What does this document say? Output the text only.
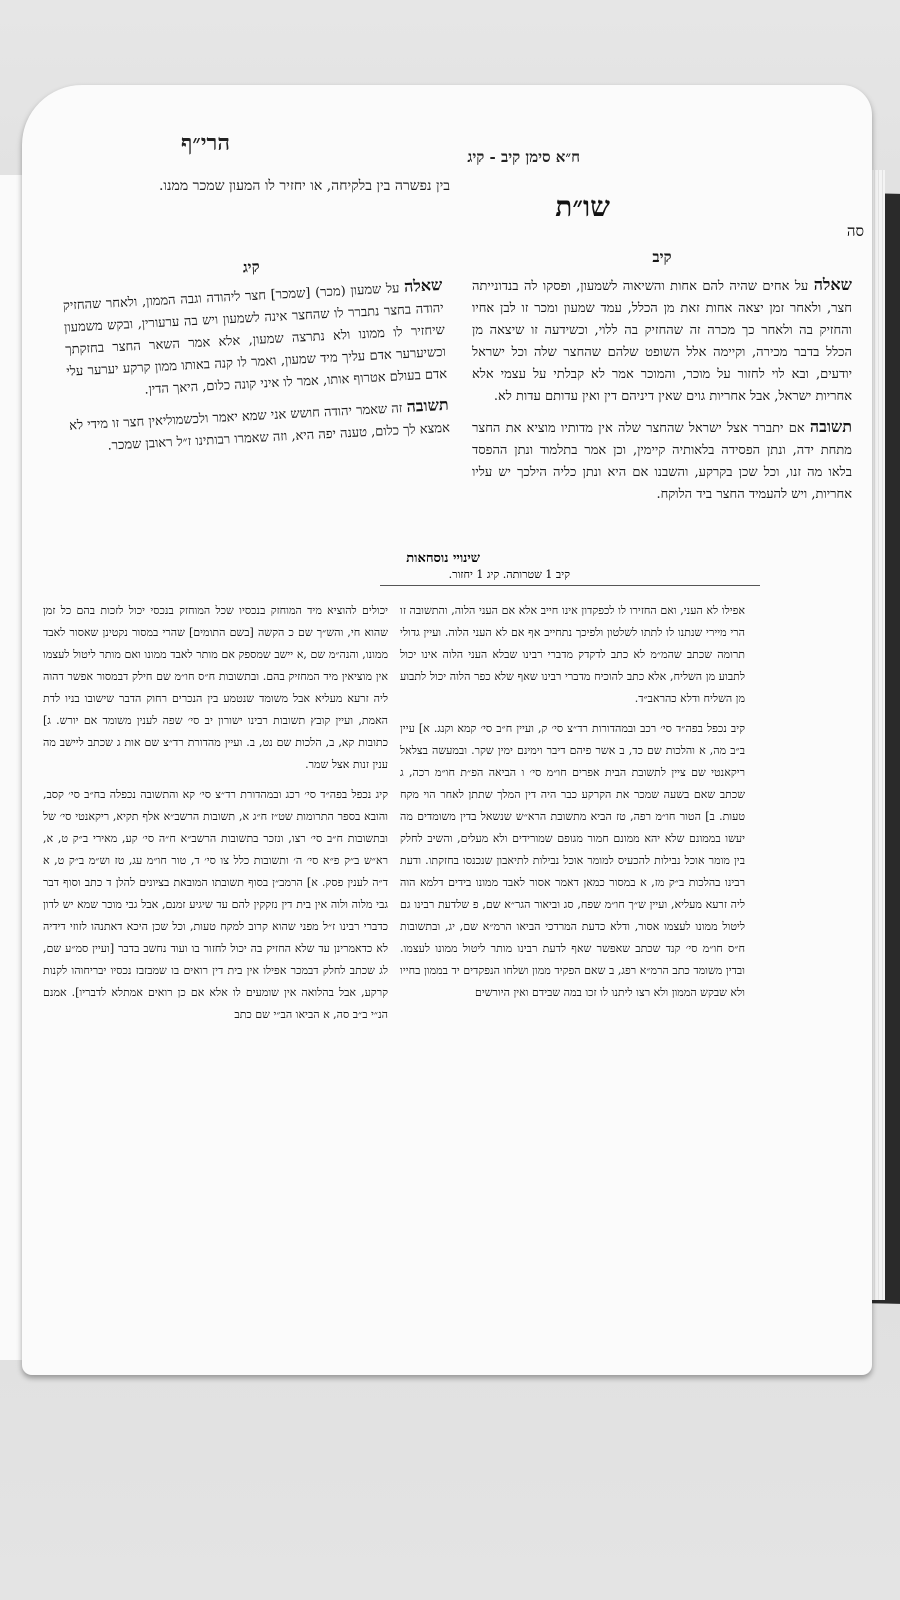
הרי״ף
ח״א סימן קיב - קיג
שו״ת
סה
בין נפשרה בין בלקיחה, או יחזיר לו המעון שמכר ממנו.
קיב

שאלה על אחים שהיה להם אחות והשיאוה לשמעון, ופסקו לה בנדונייתה חצר, ולאחר זמן יצאה אחות זאת מן הכלל, עמד שמעון ומכר זו לבן אחיו והחזיק בה ולאחר כך מכרה זה שהחזיק בה ללוי, וכשידעה זו שיצאה מן הכלל בדבר מכירה, וקיימה אלל השופט שלהם שהחצר שלה וכל ישראל יודעים, ובא לוי לחזור על מוכר, והמוכר אמר לא קבלתי על עצמי אלא אחריות ישראל, אבל אחריות גוים שאין דיניהם דין ואין עדותם עדות לא.

תשובה אם יתברר אצל ישראל שהחצר שלה אין מדותיו מוציא את החצר מתחת ידה, ונתן הפסידה בלאותיה קיימין, וכן אמר בתלמוד ונתן ההפסד בלאו מה זנו, וכל שכן בקרקע, והשבנו אם היא ונתן כליה הילכך יש עליו אחריות, ויש להעמיד החצר ביד הלוקח.

קיג

שאלה על שמעון (מכר) [שמכר] חצר ליהודה וגבה הממון, ולאחר שהחזיק יהודה בחצר נתברר לו שהחצר אינה לשמעון ויש בה ערעורין, ובקש משמעון שיחזיר לו ממונו ולא נתרצה שמעון, אלא אמר השאר החצר בחזקתך וכשיערער אדם עליך מיד שמעון, ואמר לו קנה באותו ממון קרקע יערער עלי אדם בעולם אטרוף אותו, אמר לו איני קונה כלום, היאך הדין.

תשובה זה שאמר יהודה חושש אני שמא יאמר ולכשמוליאין חצר זו מידי לא אמצא לך כלום, טענה יפה היא, וזה שאמרו רבותינו ז״ל ראובן שמכר.

שינויי נוסחאות
קיב 1 שטרותה. קיג 1 יחזור.

אפילו לא העני, ואם החזירו לו לכפקדון אינו חייב אלא אם העני הלוה, והתשובה זו הרי מיירי שנתנו לו לתתו לשלטון ולפיכך נתחייב אף אם לא העני הלוה. ועיין גדולי תרומה שכתב שהמ״מ לא כתב לדקדק מדברי רבינו שבלא העני הלוה אינו יכול לתבוע מן השליח, אלא כתב להוכיח מדברי רבינו שאף שלא כפר הלוה יכול לתבוע מן השליח ודלא כהראב״ד.

קיב נכפל בפה״ד סי׳ רכב ובמהדורות רד״צ סי׳ ק, ועיין ח״ב סי׳ קמא וקנג. א] עיין ב״ב מה, א והלכות שם כד, ב אשר פיהם דיבר וימינם ימין שקר. ובמעשה בצלאל ריקאנטי שם ציין לתשובת הבית אפרים חו״מ סי׳ ו הביאה הפ״ת חו״מ רכה, ג שכתב שאם בשעה שמכר את הקרקע כבר היה דין המלך שתתן לאחר הוי מקח טעות. ב] הטור חו״מ רפה, טז הביא מתשובת הרא״ש שנשאל בדין משומדים מה יעשו בממונם שלא יהא ממונם חמור מגופם שמורידים ולא מעלים, והשיב לחלק בין מומר אוכל נבילות להכעיס למומר אוכל נבילות לתיאבון שנכנסו בחזקתו. ודעת רבינו בהלכות ב״ק מז, א במסור כמאן דאמר אסור לאבד ממונו בידים דלמא הוה ליה זרעא מעליא, ועיין ש״ך חו״מ שפח, סג וביאור הגר״א שם, פ שלדעת רבינו גם ליטול ממונו לעצמו אסור, ודלא כדעת המרדכי הביאו הרמ״א שם, יג, ובתשובות ח״ס חו״מ סי׳ קנד שכתב שאפשר שאף לדעת רבינו מותר ליטול ממונו לעצמו. ובדין משומד כתב הרמ״א רפג, ב שאם הפקיד ממון ושלחו הנפקדים יד בממון בחייו ולא שבקש הממון ולא רצו ליתנו לו זכו במה שבידם ואין היורשים

יכולים להוציא מיד המוחזק בנכסיו שכל המוחזק בנכסי יכול לזכות בהם כל זמן שהוא חי, והש״ך שם כ הקשה [בשם התומים] שהרי במסור נקטינן שאסור לאבד ממונו, והנה״מ שם ,א יישב שמספק אם מותר לאבד ממונו ואם מותר ליטול לעצמו אין מוציאין מיד המחזיק בהם. ובתשובות ח״ס חו״מ שם חילק דבמסור אפשר דהוה ליה זרעא מעליא אבל משומד שנטמע בין הנכרים רחוק הדבר שישובו בניו לדת האמת, ועיין קובץ תשובות רבינו ישורון יב סי׳ שפה לענין משומד אם יורש. ג] כתובות קא, ב, הלכות שם נט, ב. ועיין מהדורת רד״צ שם אות ג שכתב ליישב מה ענין זנות אצל שמר.

קיג נכפל בפה״ד סי׳ רכג ובמהדורת רד״צ סי׳ קא והתשובה נכפלה בח״ב סי׳ קסב, והובא בספר התרומות שט״ז ח״ג א, תשובות הרשב״א אלף תקיא, ריקאנטי סי׳ של ובתשובות ח״ב סי׳ רצו, ונזכר בתשובות הרשב״א ח״ה סי׳ קע, מאירי ב״ק ט, א, רא״ש ב״ק פ״א סי׳ ה׳ ותשובות כלל צו סי׳ ד, טור חו״מ עג, טז וש״מ ב״ק ט, א ד״ה לענין פסק. א] הרמב״ן בסוף תשובתו המובאת בציונים להלן ד כתב וסוף דבר גבי מלוה ולוה אין בית דין נזקקין להם עד שיגיע זמנם, אבל גבי מוכר שמא יש לדון כדברי רבינו ז״ל מפני שהוא קרוב למקח טעות, וכל שכן היכא דאתנהו לזוזי דידיה לא כדאמרינן עד שלא החזיק בה יכול לחזור בו ועוד נחשב בדבר [ועיין סמ״ע שם, לג שכתב לחלק דבמכר אפילו אין בית דין רואים בו שמבזבז נכסיו יבריחוהו לקנות קרקע, אבל בהלואה אין שומעים לו אלא אם כן רואים אמתלא לדבריו]. אמנם הנ״י ב״ב סה, א הביאו הב״י שם כתב
